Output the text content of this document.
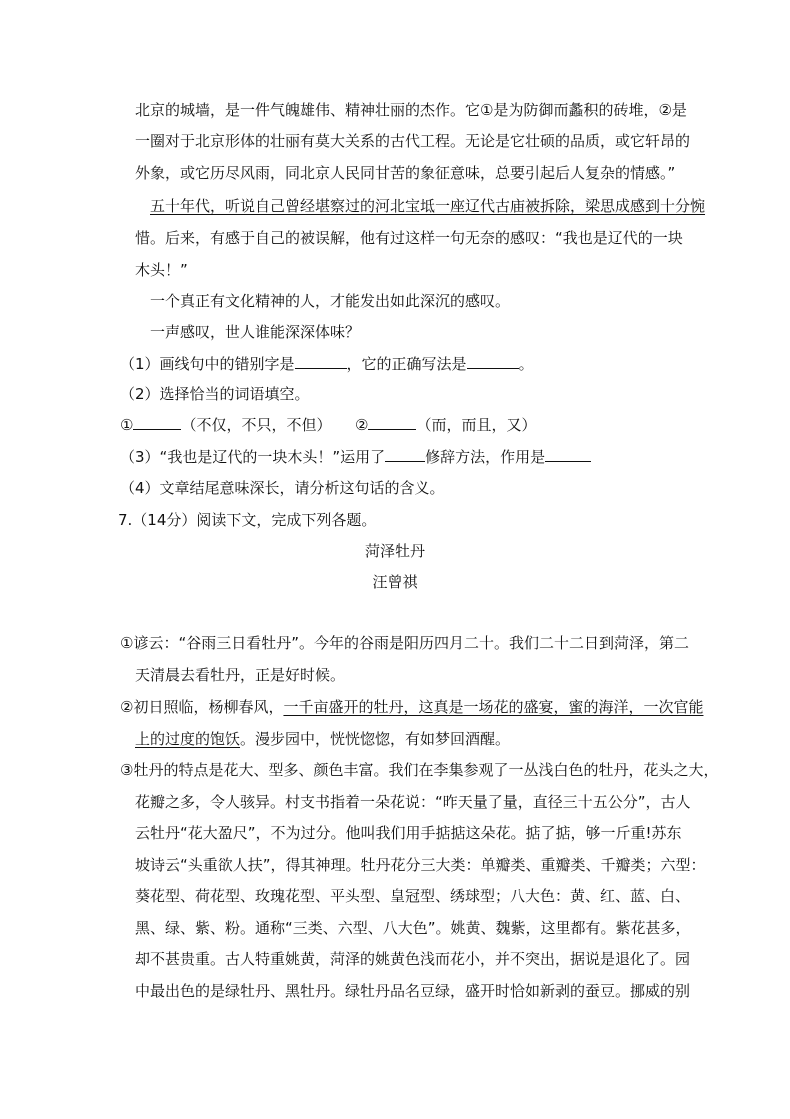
北京的城墙，是一件气魄雄伟、精神壮丽的杰作。它①是为防御而蠡积的砖堆，②是
一圈对于北京形体的壮丽有莫大关系的古代工程。无论是它壮硕的品质，或它轩昂的
外象，或它历尽风雨，同北京人民同甘苦的象征意味，总要引起后人复杂的情感。”
五十年代，听说自己曾经堪察过的河北宝坻一座辽代古庙被拆除，梁思成感到十分惋
惜。后来，有感于自己的被误解，他有过这样一句无奈的感叹：“我也是辽代的一块
木头！”
一个真正有文化精神的人，才能发出如此深沉的感叹。
一声感叹，世人谁能深深体味？
（1）画线句中的错别字是	，它的正确写法是	。
（2）选择恰当的词语填空。
①	（不仅，不只，不但） ②	（而，而且，又）
（3）“我也是辽代的一块木头！”运用了	修辞方法，作用是
（4）文章结尾意味深长，请分析这句话的含义。
7.（14分）阅读下文，完成下列各题。
菏泽牡丹
汪曾祺
①谚云：“谷雨三日看牡丹”。今年的谷雨是阳历四月二十。我们二十二日到菏泽，第二
天清晨去看牡丹，正是好时候。
②初日照临，杨柳春风，一千亩盛开的牡丹，这真是一场花的盛宴，蜜的海洋，一次官能
上的过度的饱饫。漫步园中，恍恍惚惚，有如梦回酒醒。
③牡丹的特点是花大、型多、颜色丰富。我们在李集参观了一丛浅白色的牡丹，花头之大，
花瓣之多，令人骇异。村支书指着一朵花说：“昨天量了量，直径三十五公分”，古人
云牡丹“花大盈尺”，不为过分。他叫我们用手掂掂这朵花。掂了掂，够一斤重!苏东
坡诗云“头重欲人扶”，得其神理。牡丹花分三大类：单瓣类、重瓣类、千瓣类；六型：
葵花型、荷花型、玫瑰花型、平头型、皇冠型、绣球型；八大色：黄、红、蓝、白、
黑、绿、紫、粉。通称“三类、六型、八大色”。姚黄、魏紫，这里都有。紫花甚多，
却不甚贵重。古人特重姚黄，菏泽的姚黄色浅而花小，并不突出，据说是退化了。园
中最出色的是绿牡丹、黑牡丹。绿牡丹品名豆绿，盛开时恰如新剥的蚕豆。挪威的别
